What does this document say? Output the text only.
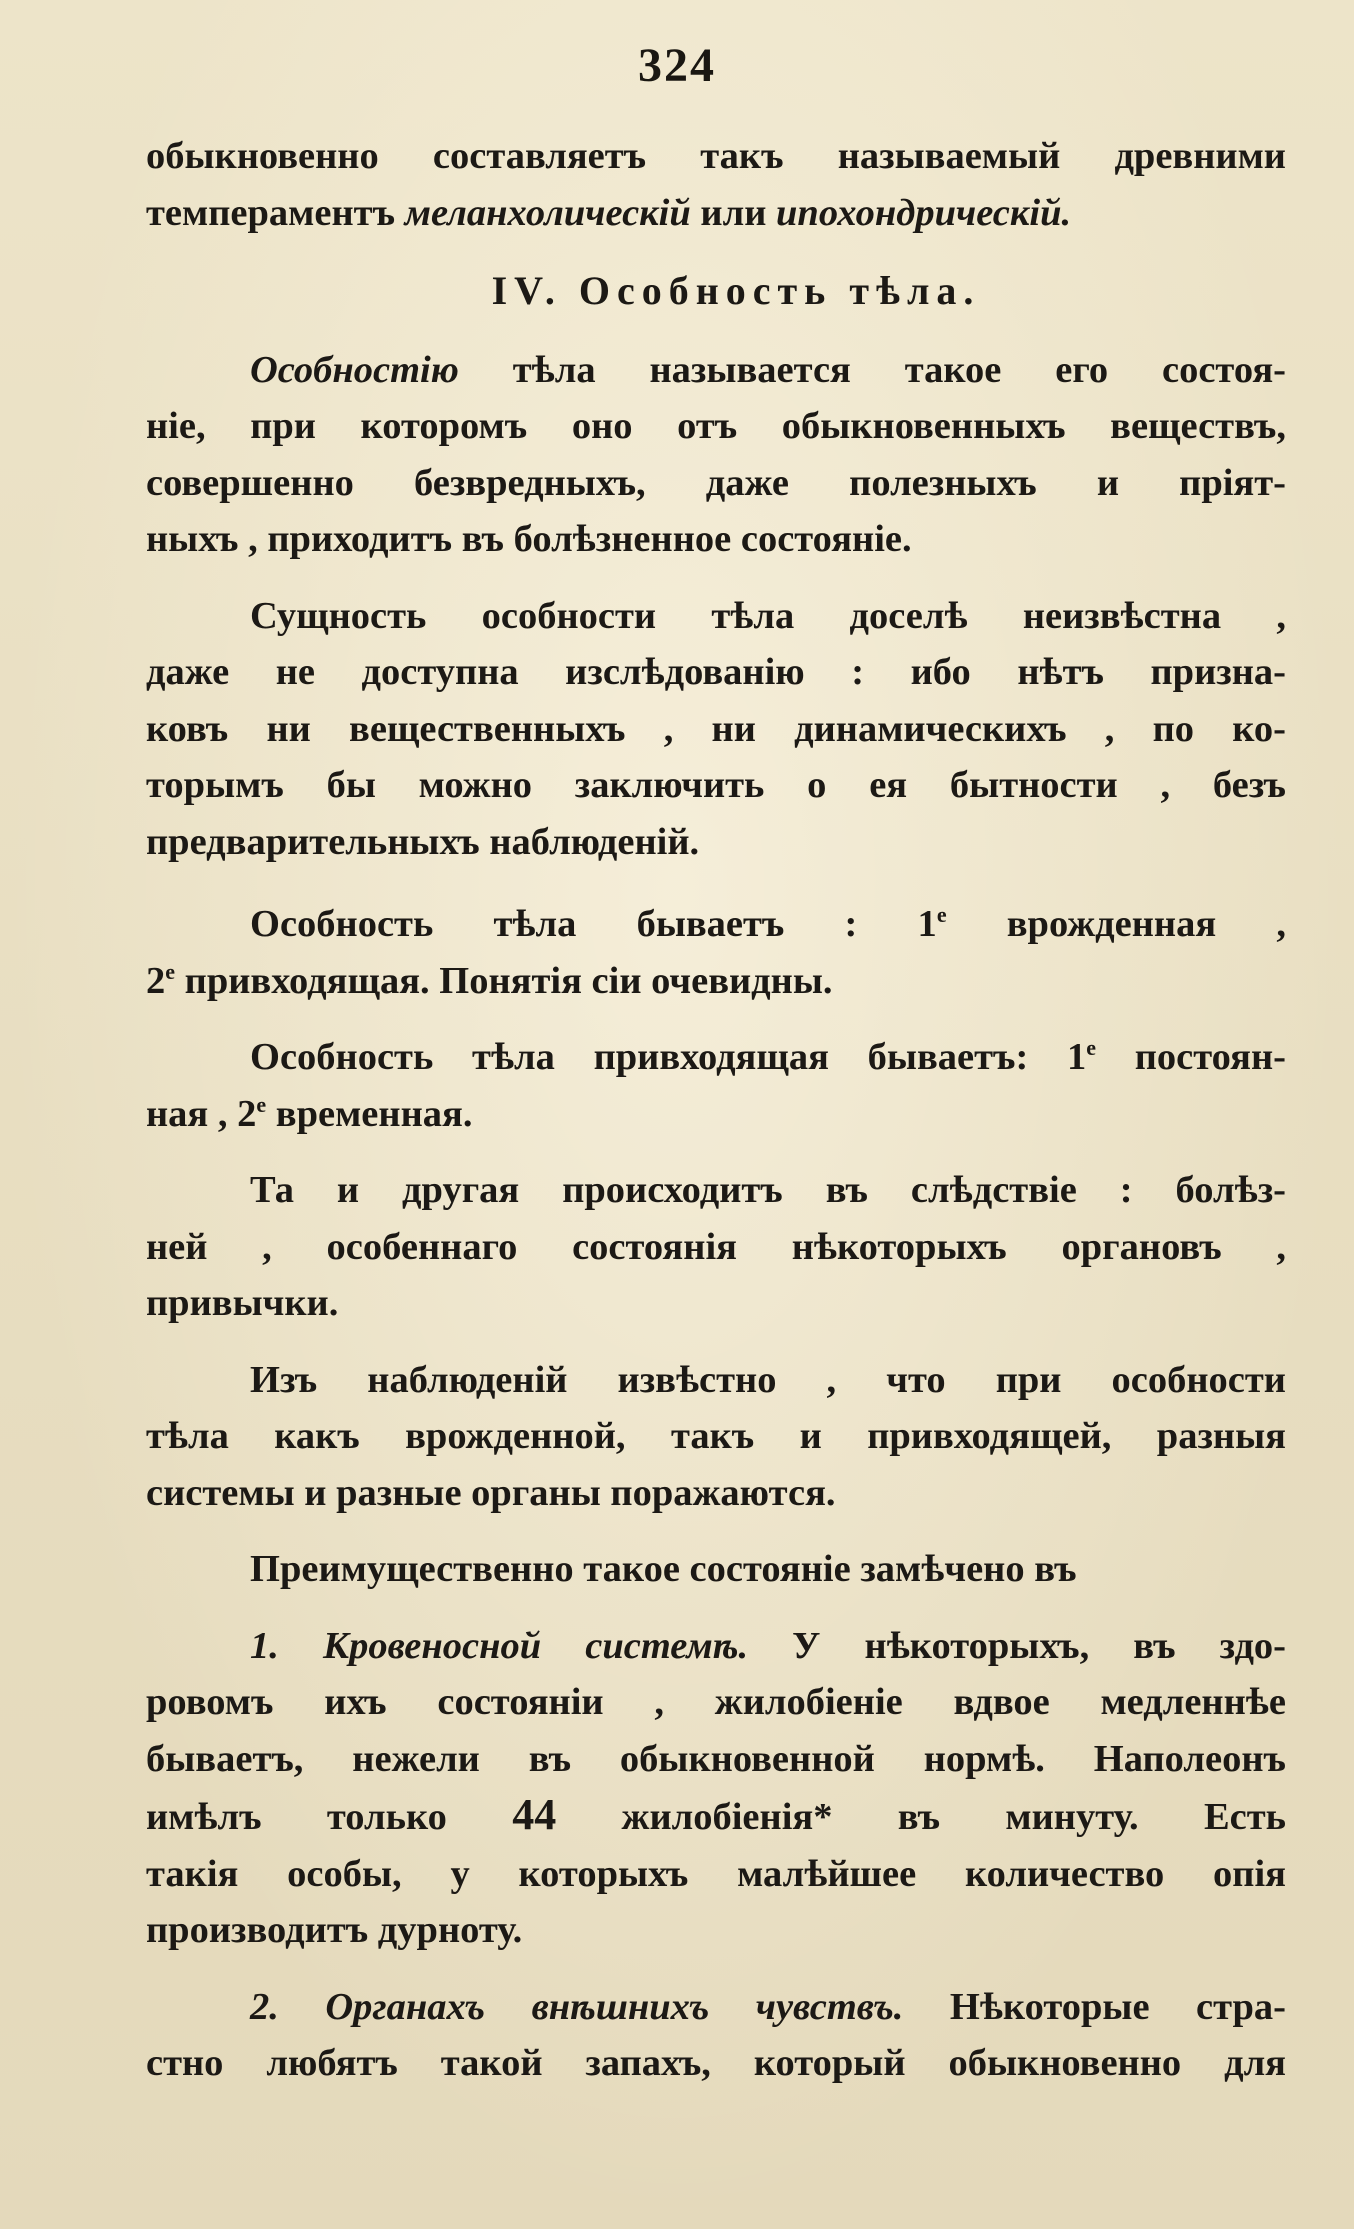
324
обыкновенно составляетъ такъ называемый древними
темпераментъ меланхолическій или ипохондрическій.
IV. Особность тѣла.
Особностію тѣла называется такое его состоя-
ніе, при которомъ оно отъ обыкновенныхъ веществъ,
совершенно безвредныхъ, даже полезныхъ и пріят-
ныхъ , приходитъ въ болѣзненное состояніе.
Сущность особности тѣла доселѣ неизвѣстна ,
даже не доступна изслѣдованію : ибо нѣтъ призна-
ковъ ни вещественныхъ , ни динамическихъ , по ко-
торымъ бы можно заключить о ея бытности , безъ
предварительныхъ наблюденій.
Особность тѣла бываетъ : $1^е$ врожденная ,
$2^е$ привходящая. Понятія сіи очевидны.
Особность тѣла привходящая бываетъ: $1^е$ постоян-
ная , $2^е$ временная.
Та и другая происходитъ въ слѣдствіе : болѣз-
ней , особеннаго состоянія нѣкоторыхъ органовъ ,
привычки.
Изъ наблюденій извѣстно , что при особности
тѣла какъ врожденной, такъ и привходящей, разныя
системы и разные органы поражаются.
Преимущественно такое состояніе замѣчено въ
1. Кровеносной системѣ. У нѣкоторыхъ, въ здо-
ровомъ ихъ состояніи , жилобіеніе вдвое медленнѣе
бываетъ, нежели въ обыкновенной нормѣ. Наполеонъ
имѣлъ только 44 жилобіенія* въ минуту. Есть
такія особы, у которыхъ малѣйшее количество опія
производитъ дурноту.
2. Органахъ внѣшнихъ чувствъ. Нѣкоторые стра-
стно любятъ такой запахъ, который обыкновенно для
